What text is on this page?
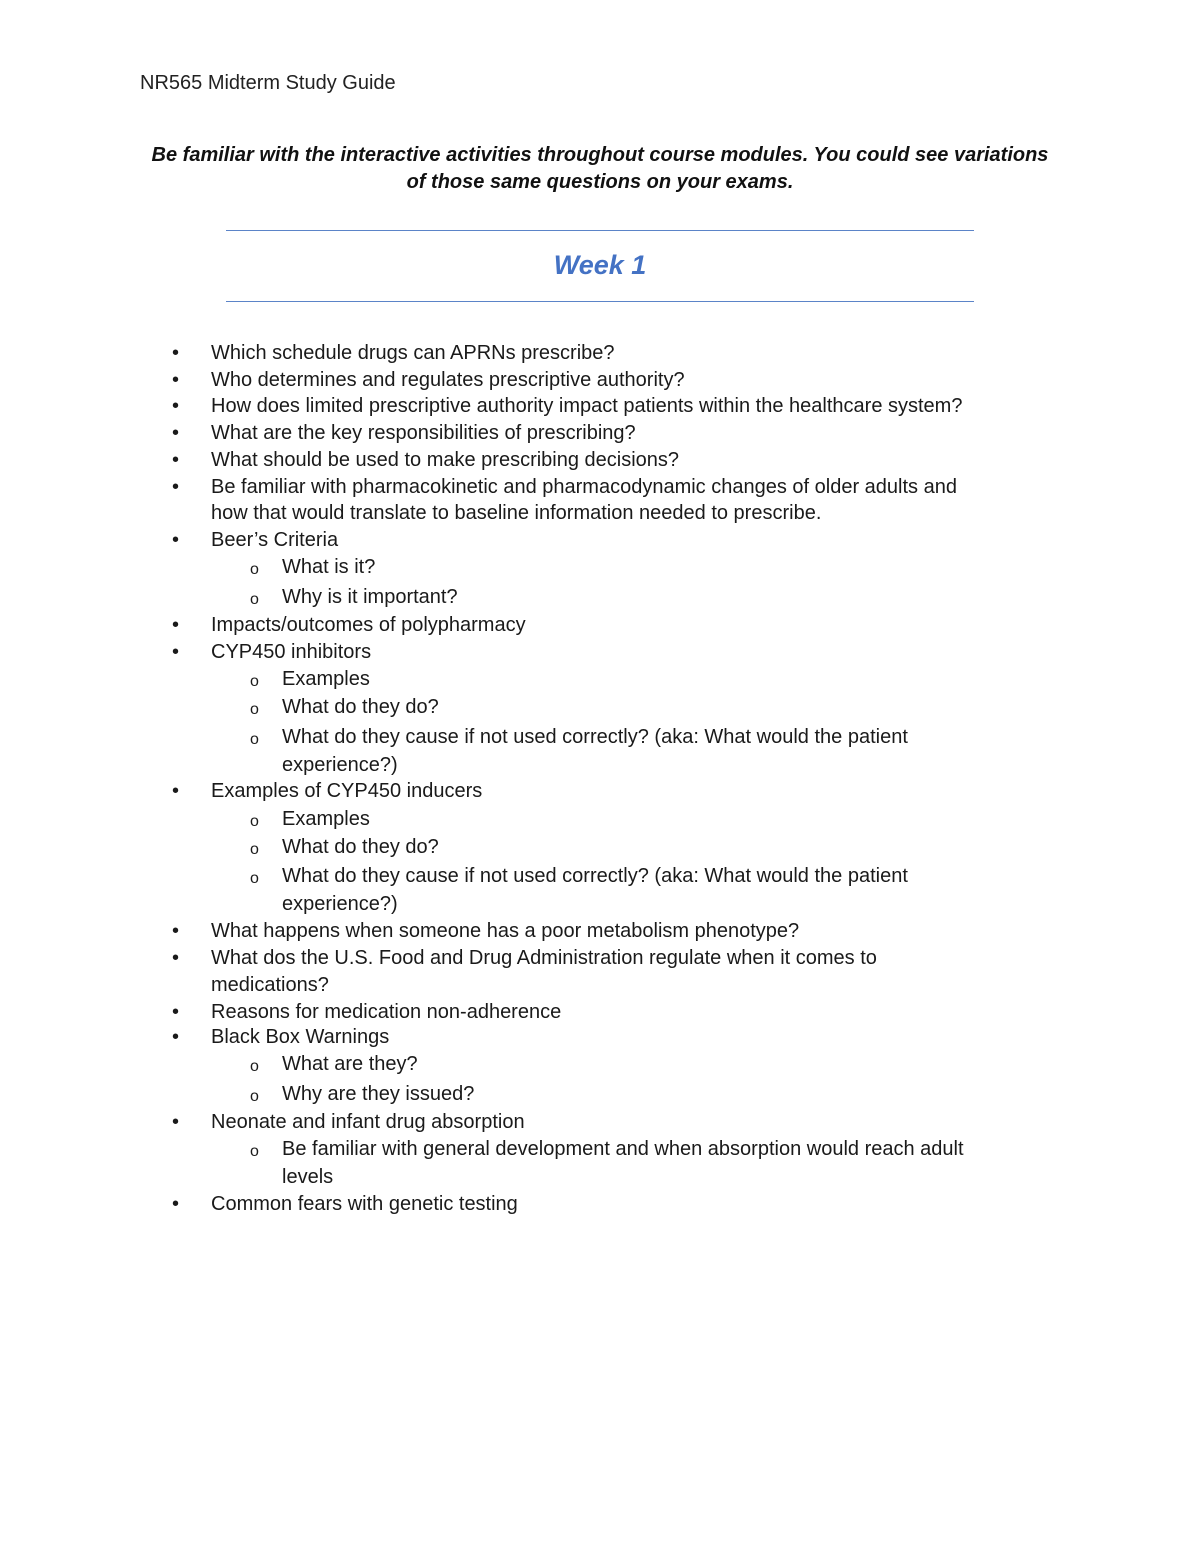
NR565 Midterm Study Guide
Be familiar with the interactive activities throughout course modules. You could see variations of those same questions on your exams.
Week 1
• Which schedule drugs can APRNs prescribe?
• Who determines and regulates prescriptive authority?
• How does limited prescriptive authority impact patients within the healthcare system?
• What are the key responsibilities of prescribing?
• What should be used to make prescribing decisions?
• Be familiar with pharmacokinetic and pharmacodynamic changes of older adults and
how that would translate to baseline information needed to prescribe.
• Beer’s Criteria
o What is it?
o Why is it important?
• Impacts/outcomes of polypharmacy
• CYP450 inhibitors
o Examples
o What do they do?
o What do they cause if not used correctly? (aka: What would the patient
experience?)
• Examples of CYP450 inducers
o Examples
o What do they do?
o What do they cause if not used correctly? (aka: What would the patient
experience?)
• What happens when someone has a poor metabolism phenotype?
• What dos the U.S. Food and Drug Administration regulate when it comes to
medications?
• Reasons for medication non-adherence
• Black Box Warnings
o What are they?
o Why are they issued?
• Neonate and infant drug absorption
o Be familiar with general development and when absorption would reach adult
levels
• Common fears with genetic testing
